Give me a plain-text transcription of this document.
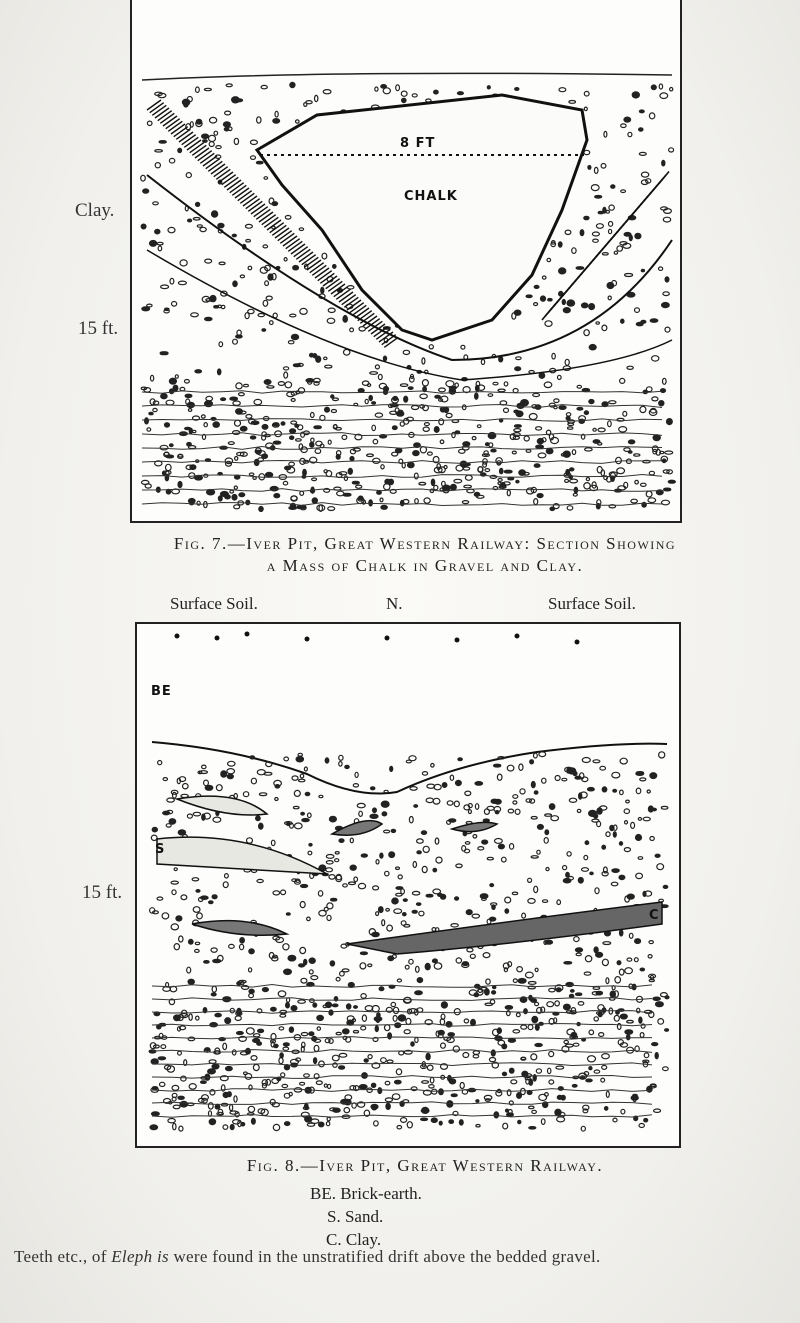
8 FT
CHALK
Clay.
15 ft.
Fig. 7.—Iver Pit, Great Western Railway: Section Showing
a Mass of Chalk in Gravel and Clay.
Surface Soil.	N.	Surface Soil.
BE
S
C
15 ft.
Fig. 8.—Iver Pit, Great Western Railway.
BE. Brick-earth.
S. Sand.
C. Clay.
Teeth etc., of Eleph is were found in the unstratified drift above the bedded gravel.
